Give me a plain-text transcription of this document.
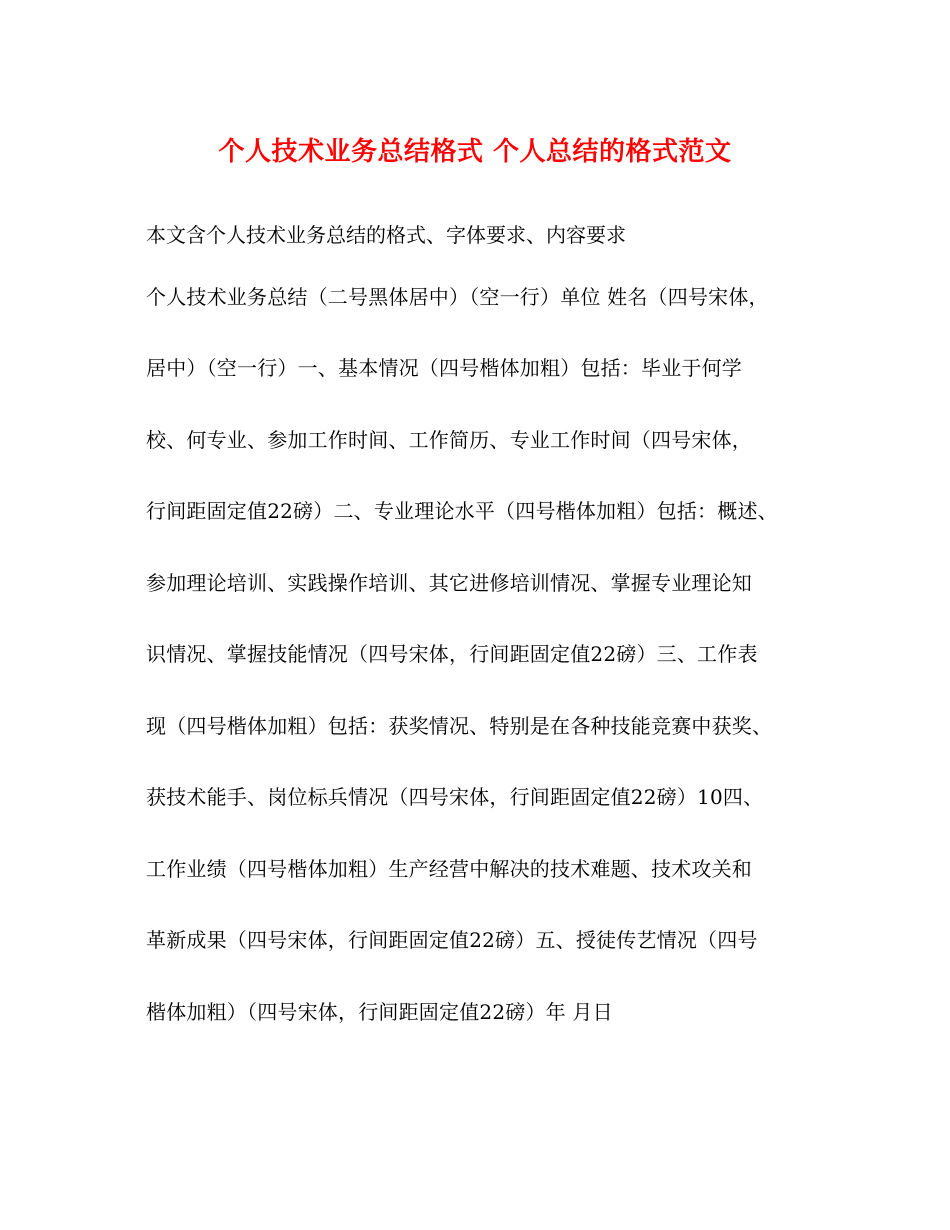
个人技术业务总结格式 个人总结的格式范文
本文含个人技术业务总结的格式、字体要求、内容要求
个人技术业务总结（二号黑体居中）（空一行）单位 姓名（四号宋体，
居中）（空一行）一、基本情况（四号楷体加粗）包括：毕业于何学
校、何专业、参加工作时间、工作简历、专业工作时间（四号宋体，
行间距固定值22磅）二、专业理论水平（四号楷体加粗）包括：概述、
参加理论培训、实践操作培训、其它进修培训情况、掌握专业理论知
识情况、掌握技能情况（四号宋体，行间距固定值22磅）三、工作表
现（四号楷体加粗）包括：获奖情况、特别是在各种技能竞赛中获奖、
获技术能手、岗位标兵情况（四号宋体，行间距固定值22磅）10四、
工作业绩（四号楷体加粗）生产经营中解决的技术难题、技术攻关和
革新成果（四号宋体，行间距固定值22磅）五、授徒传艺情况（四号
楷体加粗）（四号宋体，行间距固定值22磅）年 月日
